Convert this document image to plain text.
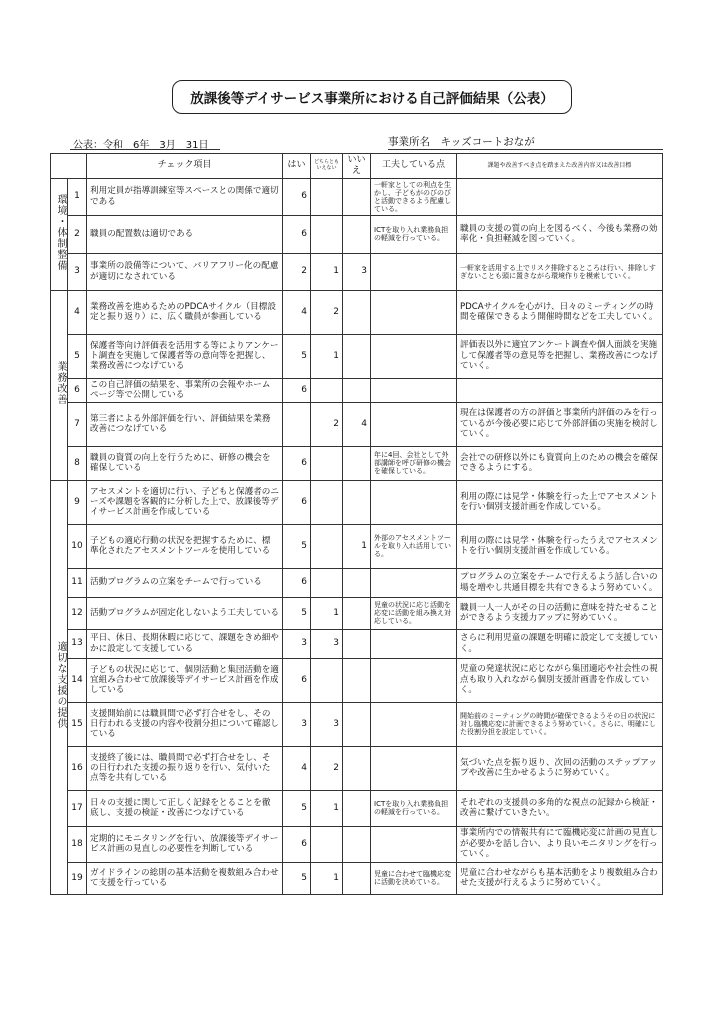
放課後等デイサービス事業所における自己評価結果（公表）
公表：令和　6年　3月　31日	事業所名　キッズコートおなが
		チェック項目	はい	どちらともいえない	いいえ	工夫している点	課題や改善すべき点を踏まえた改善内容又は改善目標
環境・体制整備	1	利用定員が指導訓練室等スペースとの関係で適切である	6			一軒家としての利点を生かし、子どもがのびのびと活動できるよう配慮している。	
	2	職員の配置数は適切である	6			ICTを取り入れ業務負担の軽減を行っている。	職員の支援の質の向上を図るべく、今後も業務の効率化・負担軽減を図っていく。
	3	事業所の設備等について、バリアフリー化の配慮が適切になされている	2	1	3		一軒家を活用する上でリスク排除するところは行い、排除しすぎないことも頭に置きながら環境作りを模索していく。
業務改善	4	業務改善を進めるためのPDCAサイクル（目標設定と振り返り）に、広く職員が参画している	4	2			PDCAサイクルを心がけ、日々のミーティングの時間を確保できるよう開催時間などを工夫していく。
	5	保護者等向け評価表を活用する等によりアンケート調査を実施して保護者等の意向等を把握し、業務改善につなげている	5	1			評価表以外に適宜アンケート調査や個人面談を実施して保護者等の意見等を把握し、業務改善につなげていく。
	6	この自己評価の結果を、事業所の会報やホームページ等で公開している	6				
	7	第三者による外部評価を行い、評価結果を業務改善につなげている		2	4		現在は保護者の方の評価と事業所内評価のみを行っているが今後必要に応じて外部評価の実施を検討していく。
	8	職員の資質の向上を行うために、研修の機会を確保している	6			年に4回、会社として外部講師を呼び研修の機会を確保している。	会社での研修以外にも資質向上のための機会を確保できるようにする。
適切な支援の提供	9	アセスメントを適切に行い、子どもと保護者のニーズや課題を客観的に分析した上で、放課後等デイサービス計画を作成している	6				利用の際には見学・体験を行った上でアセスメントを行い個別支援計画を作成している。
	10	子どもの適応行動の状況を把握するために、標準化されたアセスメントツールを使用している	5		1	外部のアセスメントツールを取り入れ活用している。	利用の際には見学・体験を行ったうえでアセスメントを行い個別支援計画を作成している。
	11	活動プログラムの立案をチームで行っている	6				プログラムの立案をチームで行えるよう話し合いの場を増やし共通目標を共有できるよう努めていく。
	12	活動プログラムが固定化しないよう工夫している	5	1		児童の状況に応じ活動を応変に活動を組み換え対応している。	職員一人一人がその日の活動に意味を持たせることができるよう支援力アップに努めていく。
	13	平日、休日、長期休暇に応じて、課題をきめ細やかに設定して支援している	3	3			さらに利用児童の課題を明確に設定して支援していく。
	14	子どもの状況に応じて、個別活動と集団活動を適宜組み合わせて放課後等デイサービス計画を作成している	6				児童の発達状況に応じながら集団適応や社会性の視点も取り入れながら個別支援計画書を作成していく。
	15	支援開始前には職員間で必ず打合せをし、その日行われる支援の内容や役割分担について確認している	3	3			開始前のミーティングの時間が確保できるようその日の状況に対し臨機応変に計画できるよう努めていく。さらに、明確にした役割分担を設定していく。
	16	支援終了後には、職員間で必ず打合せをし、その日行われた支援の振り返りを行い、気付いた点等を共有している	4	2			気づいた点を振り返り、次回の活動のステップアップや改善に生かせるように努めていく。
	17	日々の支援に関して正しく記録をとることを徹底し、支援の検証・改善につなげている	5	1		ICTを取り入れ業務負担の軽減を行っている。	それぞれの支援員の多角的な視点の記録から検証・改善に繋げていきたい。
	18	定期的にモニタリングを行い、放課後等デイサービス計画の見直しの必要性を判断している	6				事業所内での情報共有にて臨機応変に計画の見直しが必要かを話し合い、より良いモニタリングを行っていく。
	19	ガイドラインの総則の基本活動を複数組み合わせて支援を行っている	5	1		児童に合わせて臨機応変に活動を決めている。	児童に合わせながらも基本活動をより複数組み合わせた支援が行えるように努めていく。
